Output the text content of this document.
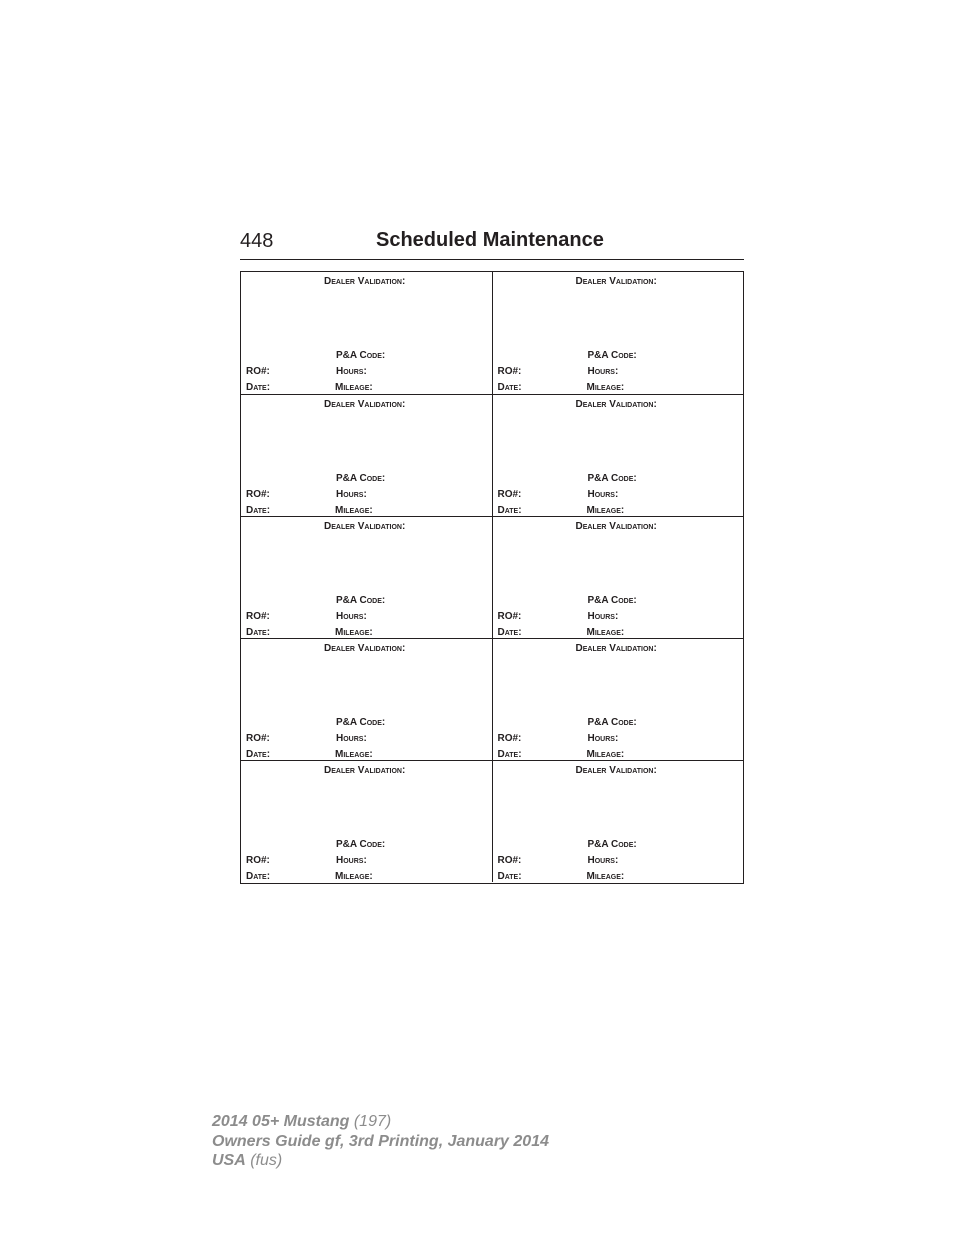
448	Scheduled Maintenance
Dealer Validation:
P&A Code:
RO#:	Hours:
Date:	Mileage:
Dealer Validation:
P&A Code:
RO#:	Hours:
Date:	Mileage:
Dealer Validation:
P&A Code:
RO#:	Hours:
Date:	Mileage:
Dealer Validation:
P&A Code:
RO#:	Hours:
Date:	Mileage:
Dealer Validation:
P&A Code:
RO#:	Hours:
Date:	Mileage:
Dealer Validation:
P&A Code:
RO#:	Hours:
Date:	Mileage:
Dealer Validation:
P&A Code:
RO#:	Hours:
Date:	Mileage:
Dealer Validation:
P&A Code:
RO#:	Hours:
Date:	Mileage:
Dealer Validation:
P&A Code:
RO#:	Hours:
Date:	Mileage:
Dealer Validation:
P&A Code:
RO#:	Hours:
Date:	Mileage:
2014 05+ Mustang (197)
Owners Guide gf, 3rd Printing, January 2014
USA (fus)
